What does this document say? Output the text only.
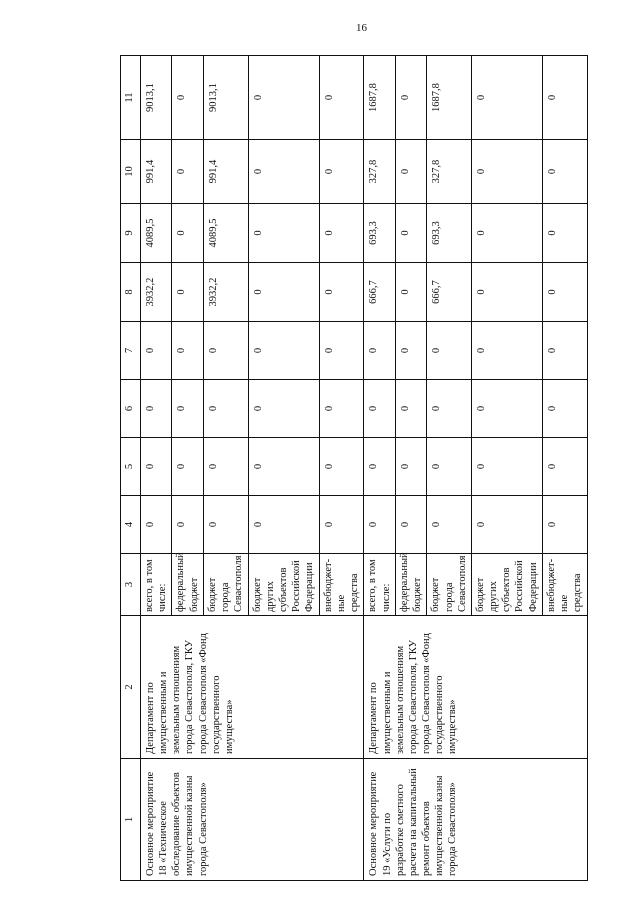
16
1	2	3	4	5	6	7	8	9	10	11
Основное мероприятие 18 «Техническое обследование объектов имущественной казны города Севастополя»	Департамент по имущественным и земельным отношениям города Севастополя, ГКУ города Севастополя «Фонд государственного имущества»	всего, в том числе:	0	0	0	0	3932,2	4089,5	991,4	9013,1
		федеральный бюджет	0	0	0	0	0	0	0	0
		бюджет города Севастополя	0	0	0	0	3932,2	4089,5	991,4	9013,1
		бюджет других субъектов Российской Федерации	0	0	0	0	0	0	0	0
		внебюджет-ные средства	0	0	0	0	0	0	0	0
Основное мероприятие 19 «Услуги по разработке сметного расчета на капитальный ремонт объектов имущественной казны города Севастополя»	Департамент по имущественным и земельным отношениям города Севастополя, ГКУ города Севастополя «Фонд государственного имущества»	всего, в том числе:	0	0	0	0	666,7	693,3	327,8	1687,8
		федеральный бюджет	0	0	0	0	0	0	0	0
		бюджет города Севастополя	0	0	0	0	666,7	693,3	327,8	1687,8
		бюджет других субъектов Российской Федерации	0	0	0	0	0	0	0	0
		внебюджет-ные средства	0	0	0	0	0	0	0	0
